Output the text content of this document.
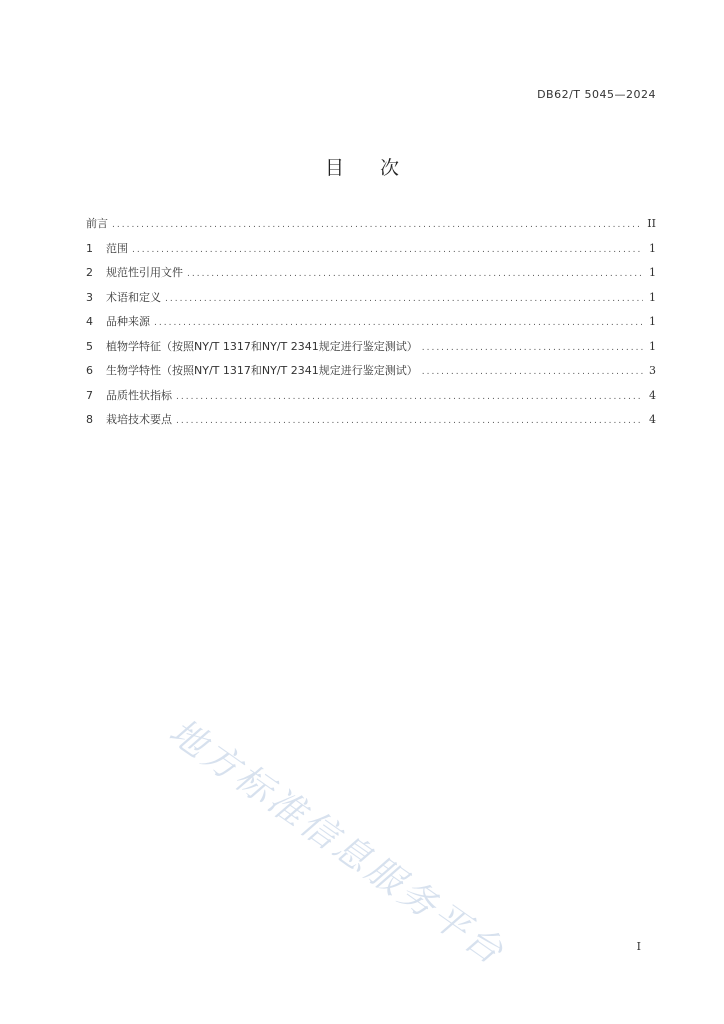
DB62/T 5045—2024
目次
前言 .....	II
1	范围 .....	1
2	规范性引用文件 .....	1
3	术语和定义 .....	1
4	品种来源 .....	1
5	植物学特征（按照NY/T 1317和NY/T 2341规定进行鉴定测试） .....	1
6	生物学特性（按照NY/T 1317和NY/T 2341规定进行鉴定测试） .....	3
7	品质性状指标 .....	4
8	栽培技术要点 .....	4
地方标准信息服务平台	I
